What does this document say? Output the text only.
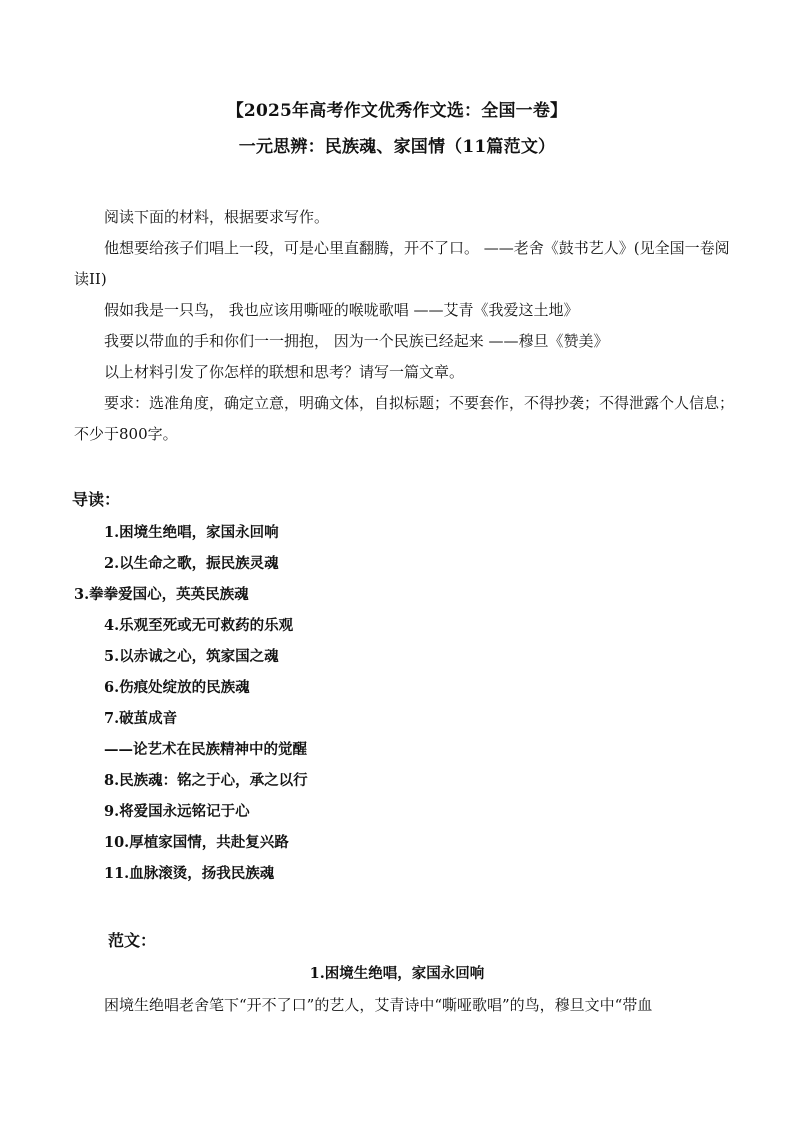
【2025年高考作文优秀作文选：全国一卷】
一元思辨：民族魂、家国情（11篇范文）

阅读下面的材料，根据要求写作。

他想要给孩子们唱上一段，可是心里直翻腾，开不了口。 ——老舍《鼓书艺人》(见全国一卷阅读II)

假如我是一只鸟， 我也应该用嘶哑的喉咙歌唱 ——艾青《我爱这土地》

我要以带血的手和你们一一拥抱， 因为一个民族已经起来 ——穆旦《赞美》

以上材料引发了你怎样的联想和思考？请写一篇文章。

要求：选准角度，确定立意，明确文体，自拟标题；不要套作，不得抄袭；不得泄露个人信息；不少于800字。

导读：
1.困境生绝唱，家国永回响
2.以生命之歌，振民族灵魂
3.拳拳爱国心，英英民族魂
4.乐观至死或无可救药的乐观
5.以赤诚之心，筑家国之魂
6.伤痕处绽放的民族魂
7.破茧成音
——论艺术在民族精神中的觉醒
8.民族魂：铭之于心，承之以行
9.将爱国永远铭记于心
10.厚植家国情，共赴复兴路
11.血脉滚烫，扬我民族魂
范文：
1.困境生绝唱，家国永回响
困境生绝唱老舍笔下“开不了口”的艺人，艾青诗中“嘶哑歌唱”的鸟，穆旦文中“带血
